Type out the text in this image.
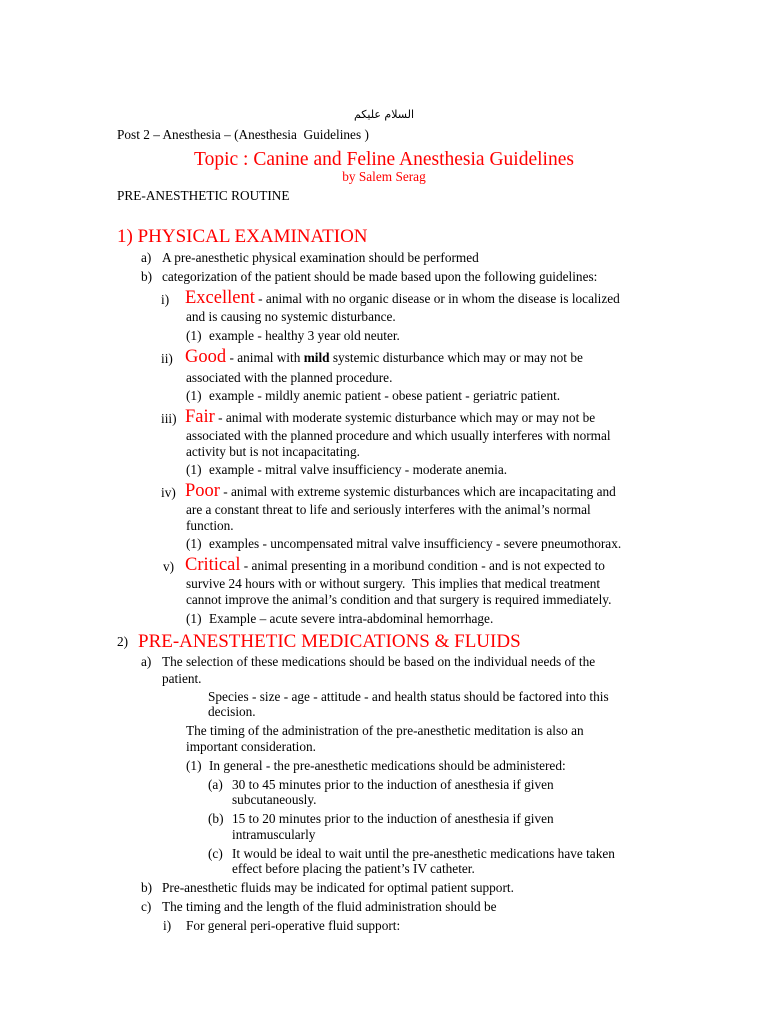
السلام عليكم
Post 2 – Anesthesia – (Anesthesia  Guidelines )
Topic : Canine and Feline Anesthesia Guidelines
by Salem Serag
PRE-ANESTHETIC ROUTINE
1) PHYSICAL EXAMINATION
a) A pre-anesthetic physical examination should be performed
b) categorization of the patient should be made based upon the following guidelines:
i) Excellent - animal with no organic disease or in whom the disease is localized
and is causing no systemic disturbance.
(1) example - healthy 3 year old neuter.
ii) Good - animal with mild systemic disturbance which may or may not be
associated with the planned procedure.
(1) example - mildly anemic patient - obese patient - geriatric patient.
iii) Fair - animal with moderate systemic disturbance which may or may not be
associated with the planned procedure and which usually interferes with normal
activity but is not incapacitating.
(1) example - mitral valve insufficiency - moderate anemia.
iv) Poor - animal with extreme systemic disturbances which are incapacitating and
are a constant threat to life and seriously interferes with the animal’s normal
function.
(1) examples - uncompensated mitral valve insufficiency - severe pneumothorax.
v) Critical - animal presenting in a moribund condition - and is not expected to
survive 24 hours with or without surgery.  This implies that medical treatment
cannot improve the animal’s condition and that surgery is required immediately.
(1) Example – acute severe intra-abdominal hemorrhage.
2) PRE-ANESTHETIC MEDICATIONS & FLUIDS
a) The selection of these medications should be based on the individual needs of the
patient.
Species - size - age - attitude - and health status should be factored into this
decision.
The timing of the administration of the pre-anesthetic meditation is also an
important consideration.
(1) In general - the pre-anesthetic medications should be administered:
(a) 30 to 45 minutes prior to the induction of anesthesia if given
subcutaneously.
(b) 15 to 20 minutes prior to the induction of anesthesia if given
intramuscularly
(c) It would be ideal to wait until the pre-anesthetic medications have taken
effect before placing the patient’s IV catheter.
b) Pre-anesthetic fluids may be indicated for optimal patient support.
c) The timing and the length of the fluid administration should be
i) For general peri-operative fluid support:
